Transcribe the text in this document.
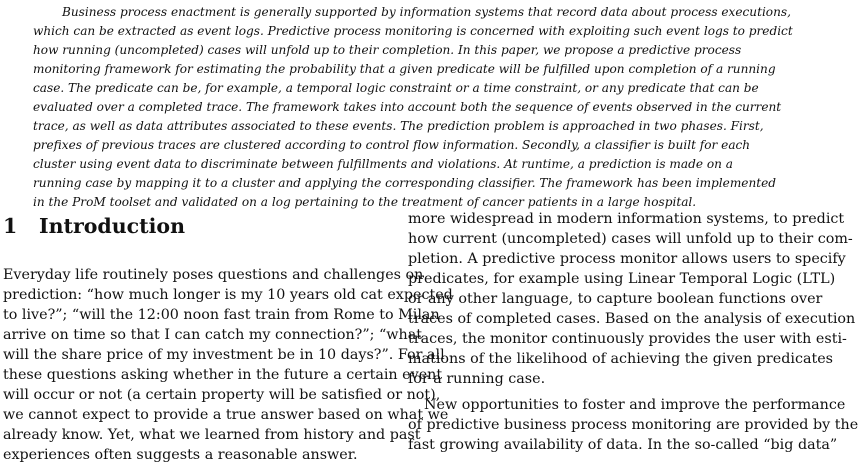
Business process enactment is generally supported by information systems that record data about process executions,
which can be extracted as event logs. Predictive process monitoring is concerned with exploiting such event logs to predict
how running (uncompleted) cases will unfold up to their completion. In this paper, we propose a predictive process
monitoring framework for estimating the probability that a given predicate will be fulfilled upon completion of a running
case. The predicate can be, for example, a temporal logic constraint or a time constraint, or any predicate that can be
evaluated over a completed trace. The framework takes into account both the sequence of events observed in the current
trace, as well as data attributes associated to these events. The prediction problem is approached in two phases. First,
prefixes of previous traces are clustered according to control flow information. Secondly, a classifier is built for each
cluster using event data to discriminate between fulfillments and violations. At runtime, a prediction is made on a
running case by mapping it to a cluster and applying the corresponding classifier. The framework has been implemented
in the ProM toolset and validated on a log pertaining to the treatment of cancer patients in a large hospital.
1 Introduction
Everyday life routinely poses questions and challenges on
prediction: “how much longer is my 10 years old cat expected
to live?”; “will the 12:00 noon fast train from Rome to Milan
arrive on time so that I can catch my connection?”; “what
will the share price of my investment be in 10 days?”. For all
these questions asking whether in the future a certain event
will occur or not (a certain property will be satisfied or not),
we cannot expect to provide a true answer based on what we
already know. Yet, what we learned from history and past
experiences often suggests a reasonable answer.
more widespread in modern information systems, to predict
how current (uncompleted) cases will unfold up to their com-
pletion. A predictive process monitor allows users to specify
predicates, for example using Linear Temporal Logic (LTL)
or any other language, to capture boolean functions over
traces of completed cases. Based on the analysis of execution
traces, the monitor continuously provides the user with esti-
mations of the likelihood of achieving the given predicates
for a running case.
New opportunities to foster and improve the performance
of predictive business process monitoring are provided by the
fast growing availability of data. In the so-called “big data”
